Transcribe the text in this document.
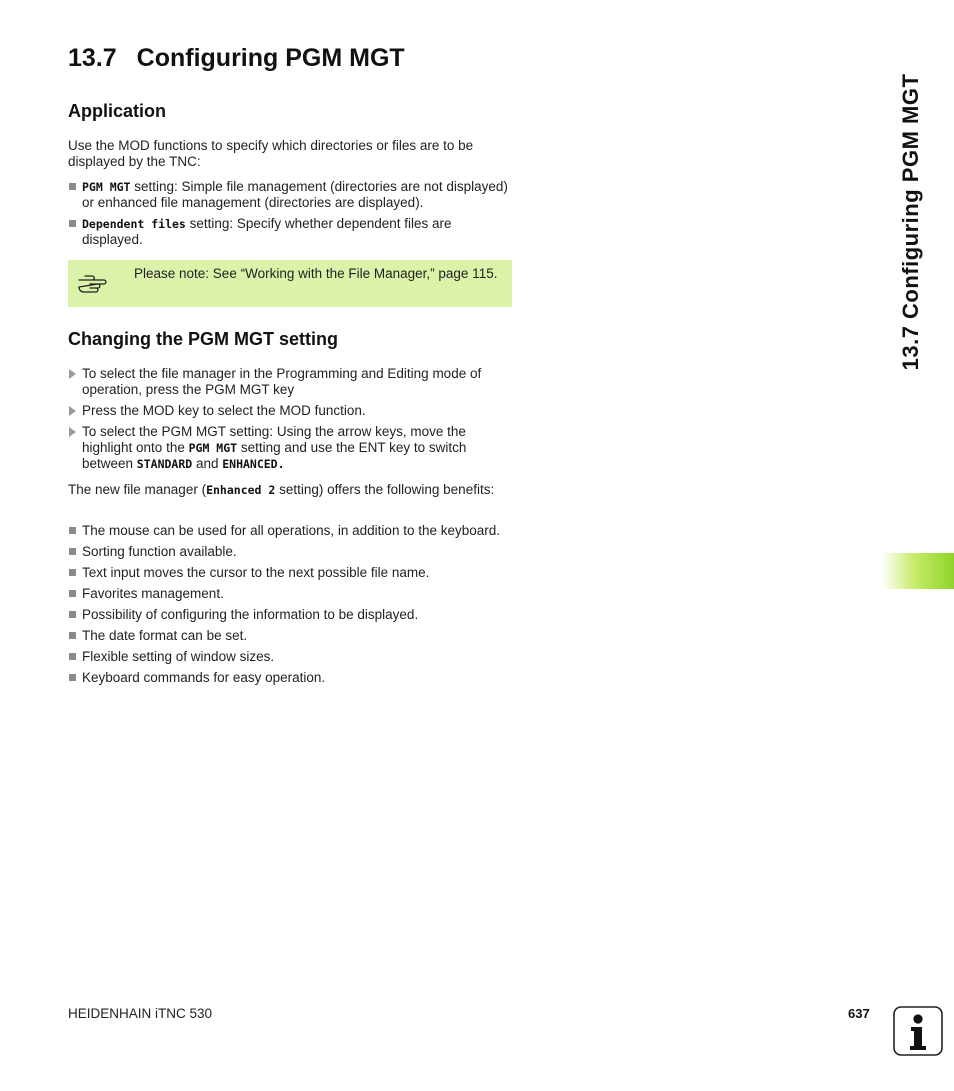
13.7 Configuring PGM MGT
Application

Use the MOD functions to specify which directories or files are to be displayed by the TNC:

PGM MGT setting: Simple file management (directories are not displayed) or enhanced file management (directories are displayed).
Dependent files setting: Specify whether dependent files are displayed.
Please note: See “Working with the File Manager,” page 115.
Changing the PGM MGT setting
To select the file manager in the Programming and Editing mode of operation, press the PGM MGT key
Press the MOD key to select the MOD function.
To select the PGM MGT setting: Using the arrow keys, move the highlight onto the PGM MGT setting and use the ENT key to switch between STANDARD and ENHANCED.

The new file manager (Enhanced 2 setting) offers the following benefits:

The mouse can be used for all operations, in addition to the keyboard.
Sorting function available.
Text input moves the cursor to the next possible file name.
Favorites management.
Possibility of configuring the information to be displayed.
The date format can be set.
Flexible setting of window sizes.
Keyboard commands for easy operation.
13.7 Configuring PGM MGT
HEIDENHAIN iTNC 530	637
